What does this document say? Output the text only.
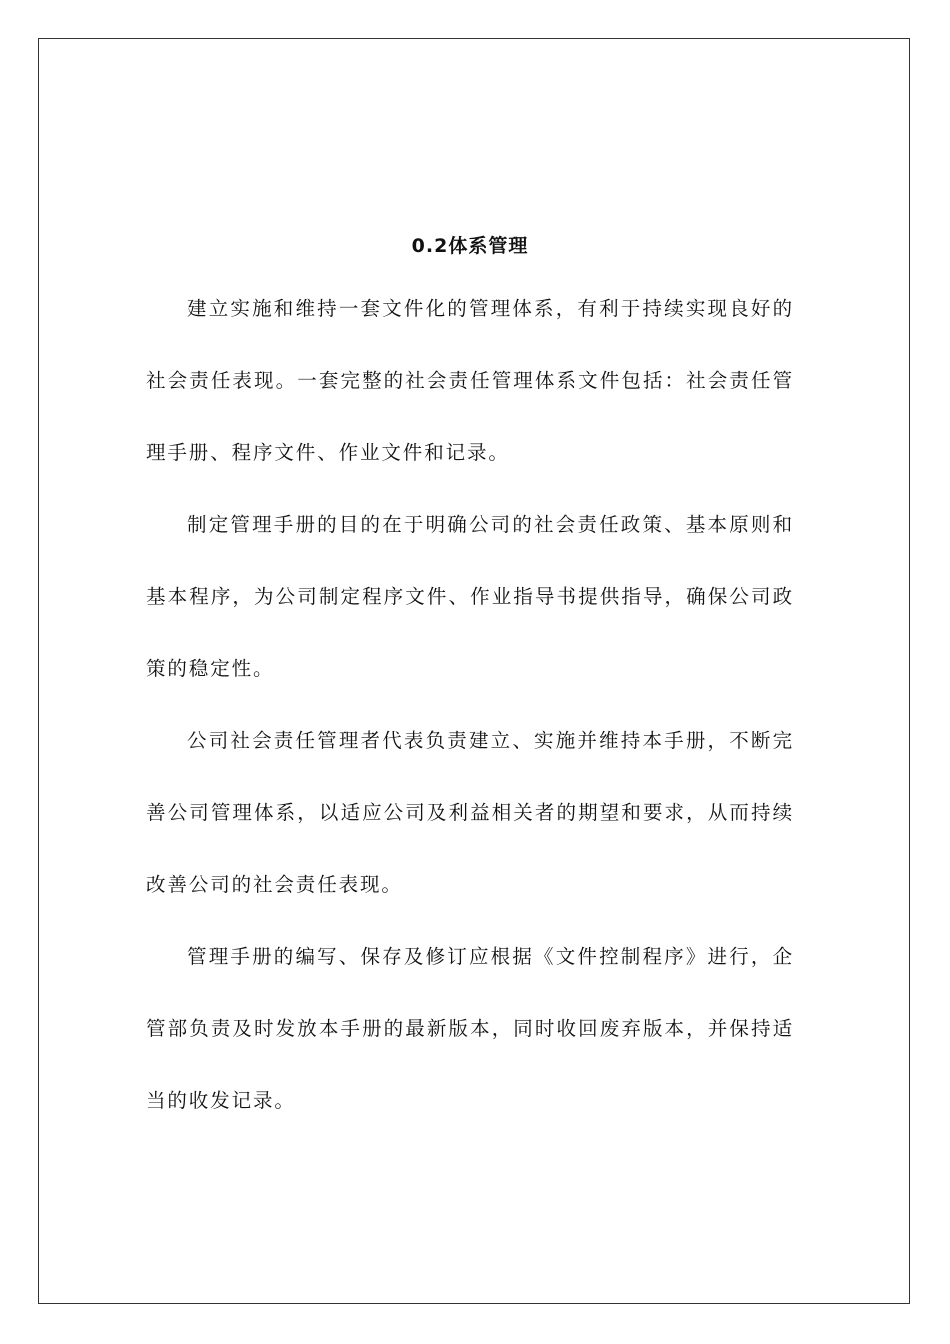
0.2体系管理

建立实施和维持一套文件化的管理体系，有利于持续实现良好的社会责任表现。一套完整的社会责任管理体系文件包括：社会责任管理手册、程序文件、作业文件和记录。

制定管理手册的目的在于明确公司的社会责任政策、基本原则和基本程序，为公司制定程序文件、作业指导书提供指导，确保公司政策的稳定性。

公司社会责任管理者代表负责建立、实施并维持本手册，不断完善公司管理体系，以适应公司及利益相关者的期望和要求，从而持续改善公司的社会责任表现。

管理手册的编写、保存及修订应根据《文件控制程序》进行，企管部负责及时发放本手册的最新版本，同时收回废弃版本，并保持适当的收发记录。
